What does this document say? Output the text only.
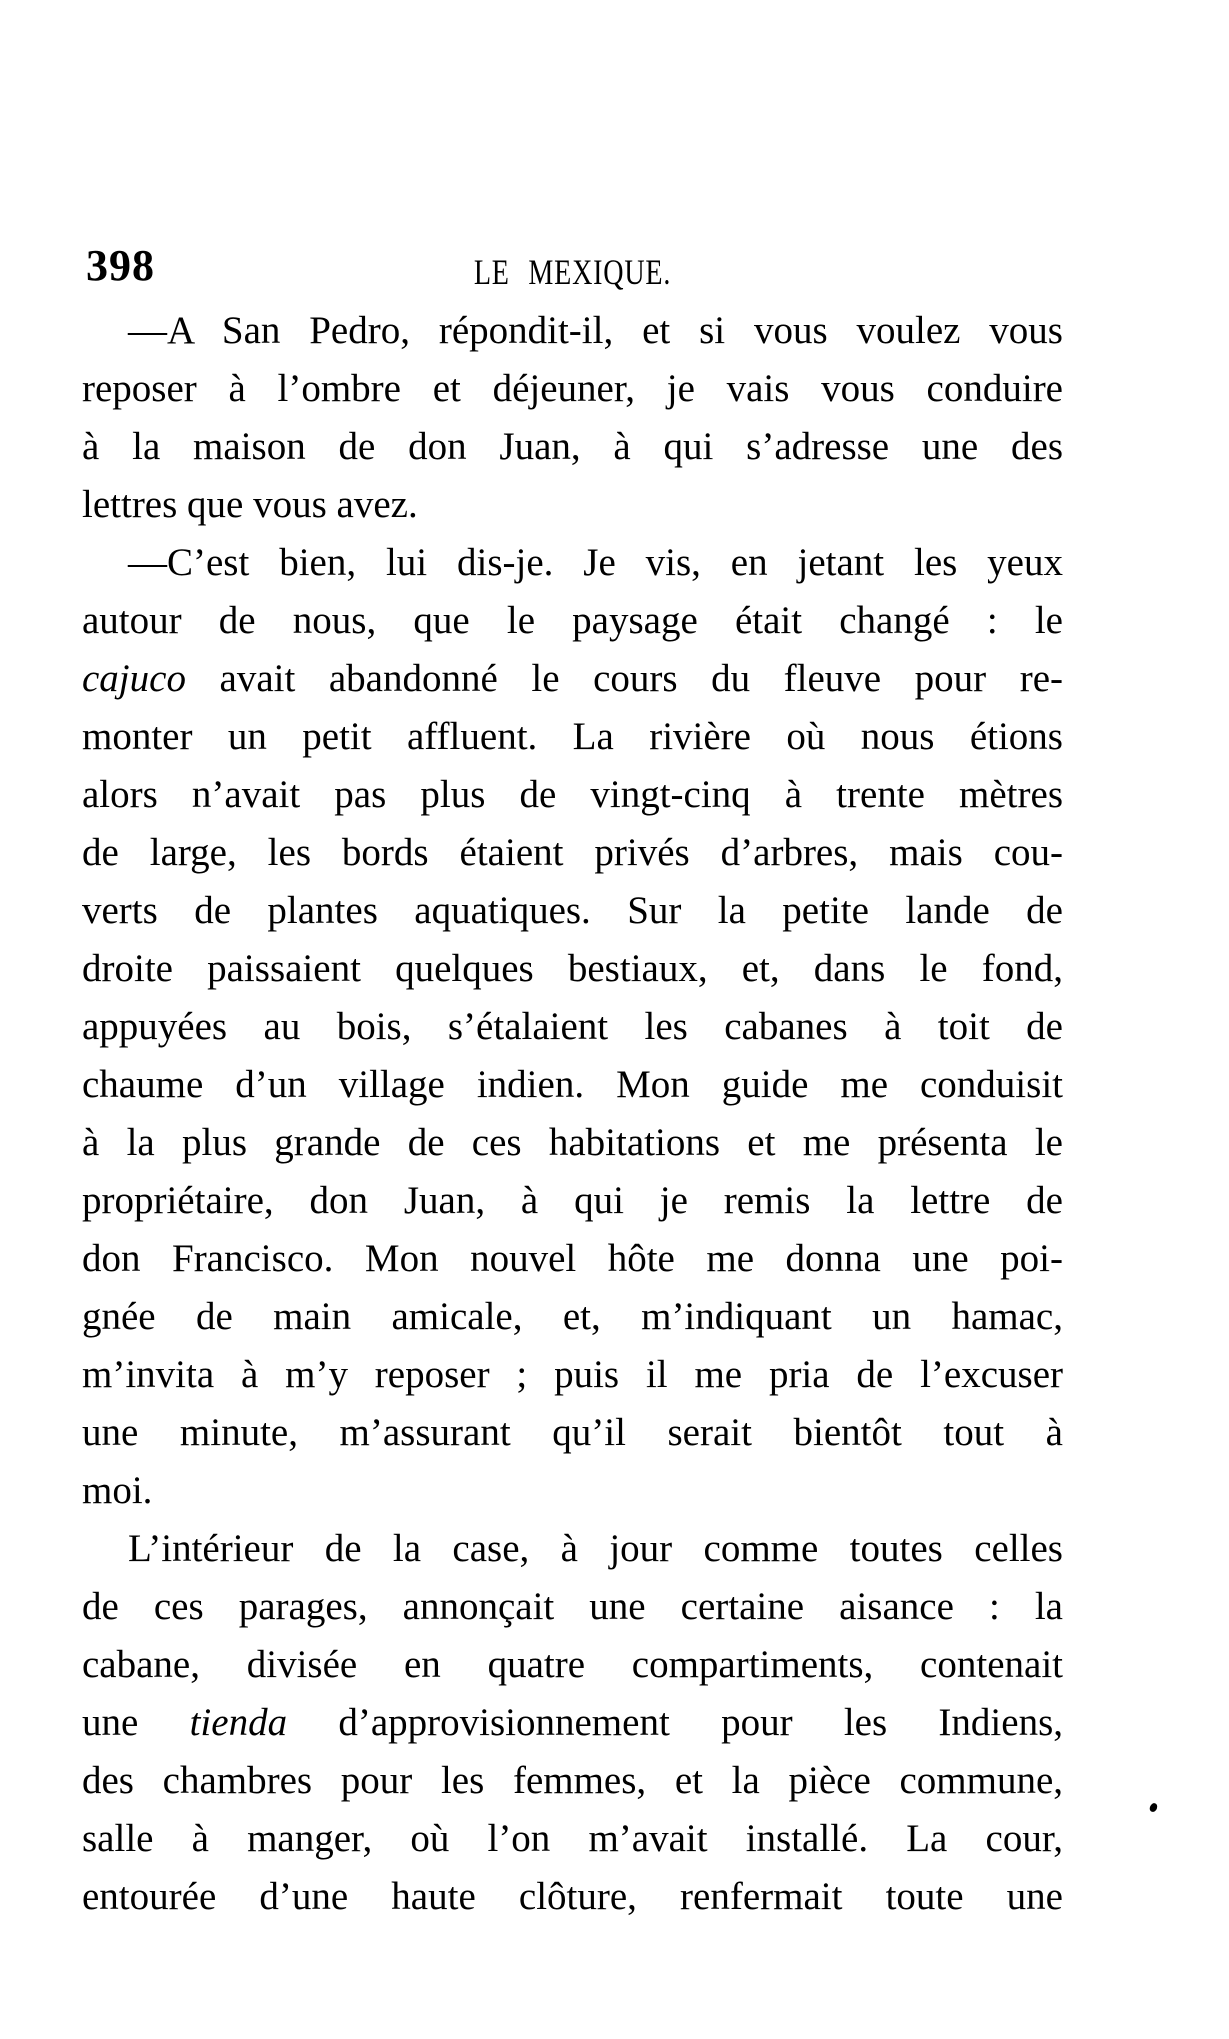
398	LE MEXIQUE.
—A San Pedro, répondit-il, et si vous voulez vous
reposer à l’ombre et déjeuner, je vais vous conduire
à la maison de don Juan, à qui s’adresse une des
lettres que vous avez.
—C’est bien, lui dis-je. Je vis, en jetant les yeux
autour de nous, que le paysage était changé : le
cajuco avait abandonné le cours du fleuve pour re-
monter un petit affluent. La rivière où nous étions
alors n’avait pas plus de vingt-cinq à trente mètres
de large, les bords étaient privés d’arbres, mais cou-
verts de plantes aquatiques. Sur la petite lande de
droite paissaient quelques bestiaux, et, dans le fond,
appuyées au bois, s’étalaient les cabanes à toit de
chaume d’un village indien. Mon guide me conduisit
à la plus grande de ces habitations et me présenta le
propriétaire, don Juan, à qui je remis la lettre de
don Francisco. Mon nouvel hôte me donna une poi-
gnée de main amicale, et, m’indiquant un hamac,
m’invita à m’y reposer ; puis il me pria de l’excuser
une minute, m’assurant qu’il serait bientôt tout à
moi.
L’intérieur de la case, à jour comme toutes celles
de ces parages, annonçait une certaine aisance : la
cabane, divisée en quatre compartiments, contenait
une tienda d’approvisionnement pour les Indiens,
des chambres pour les femmes, et la pièce commune,
salle à manger, où l’on m’avait installé. La cour,
entourée d’une haute clôture, renfermait toute une
